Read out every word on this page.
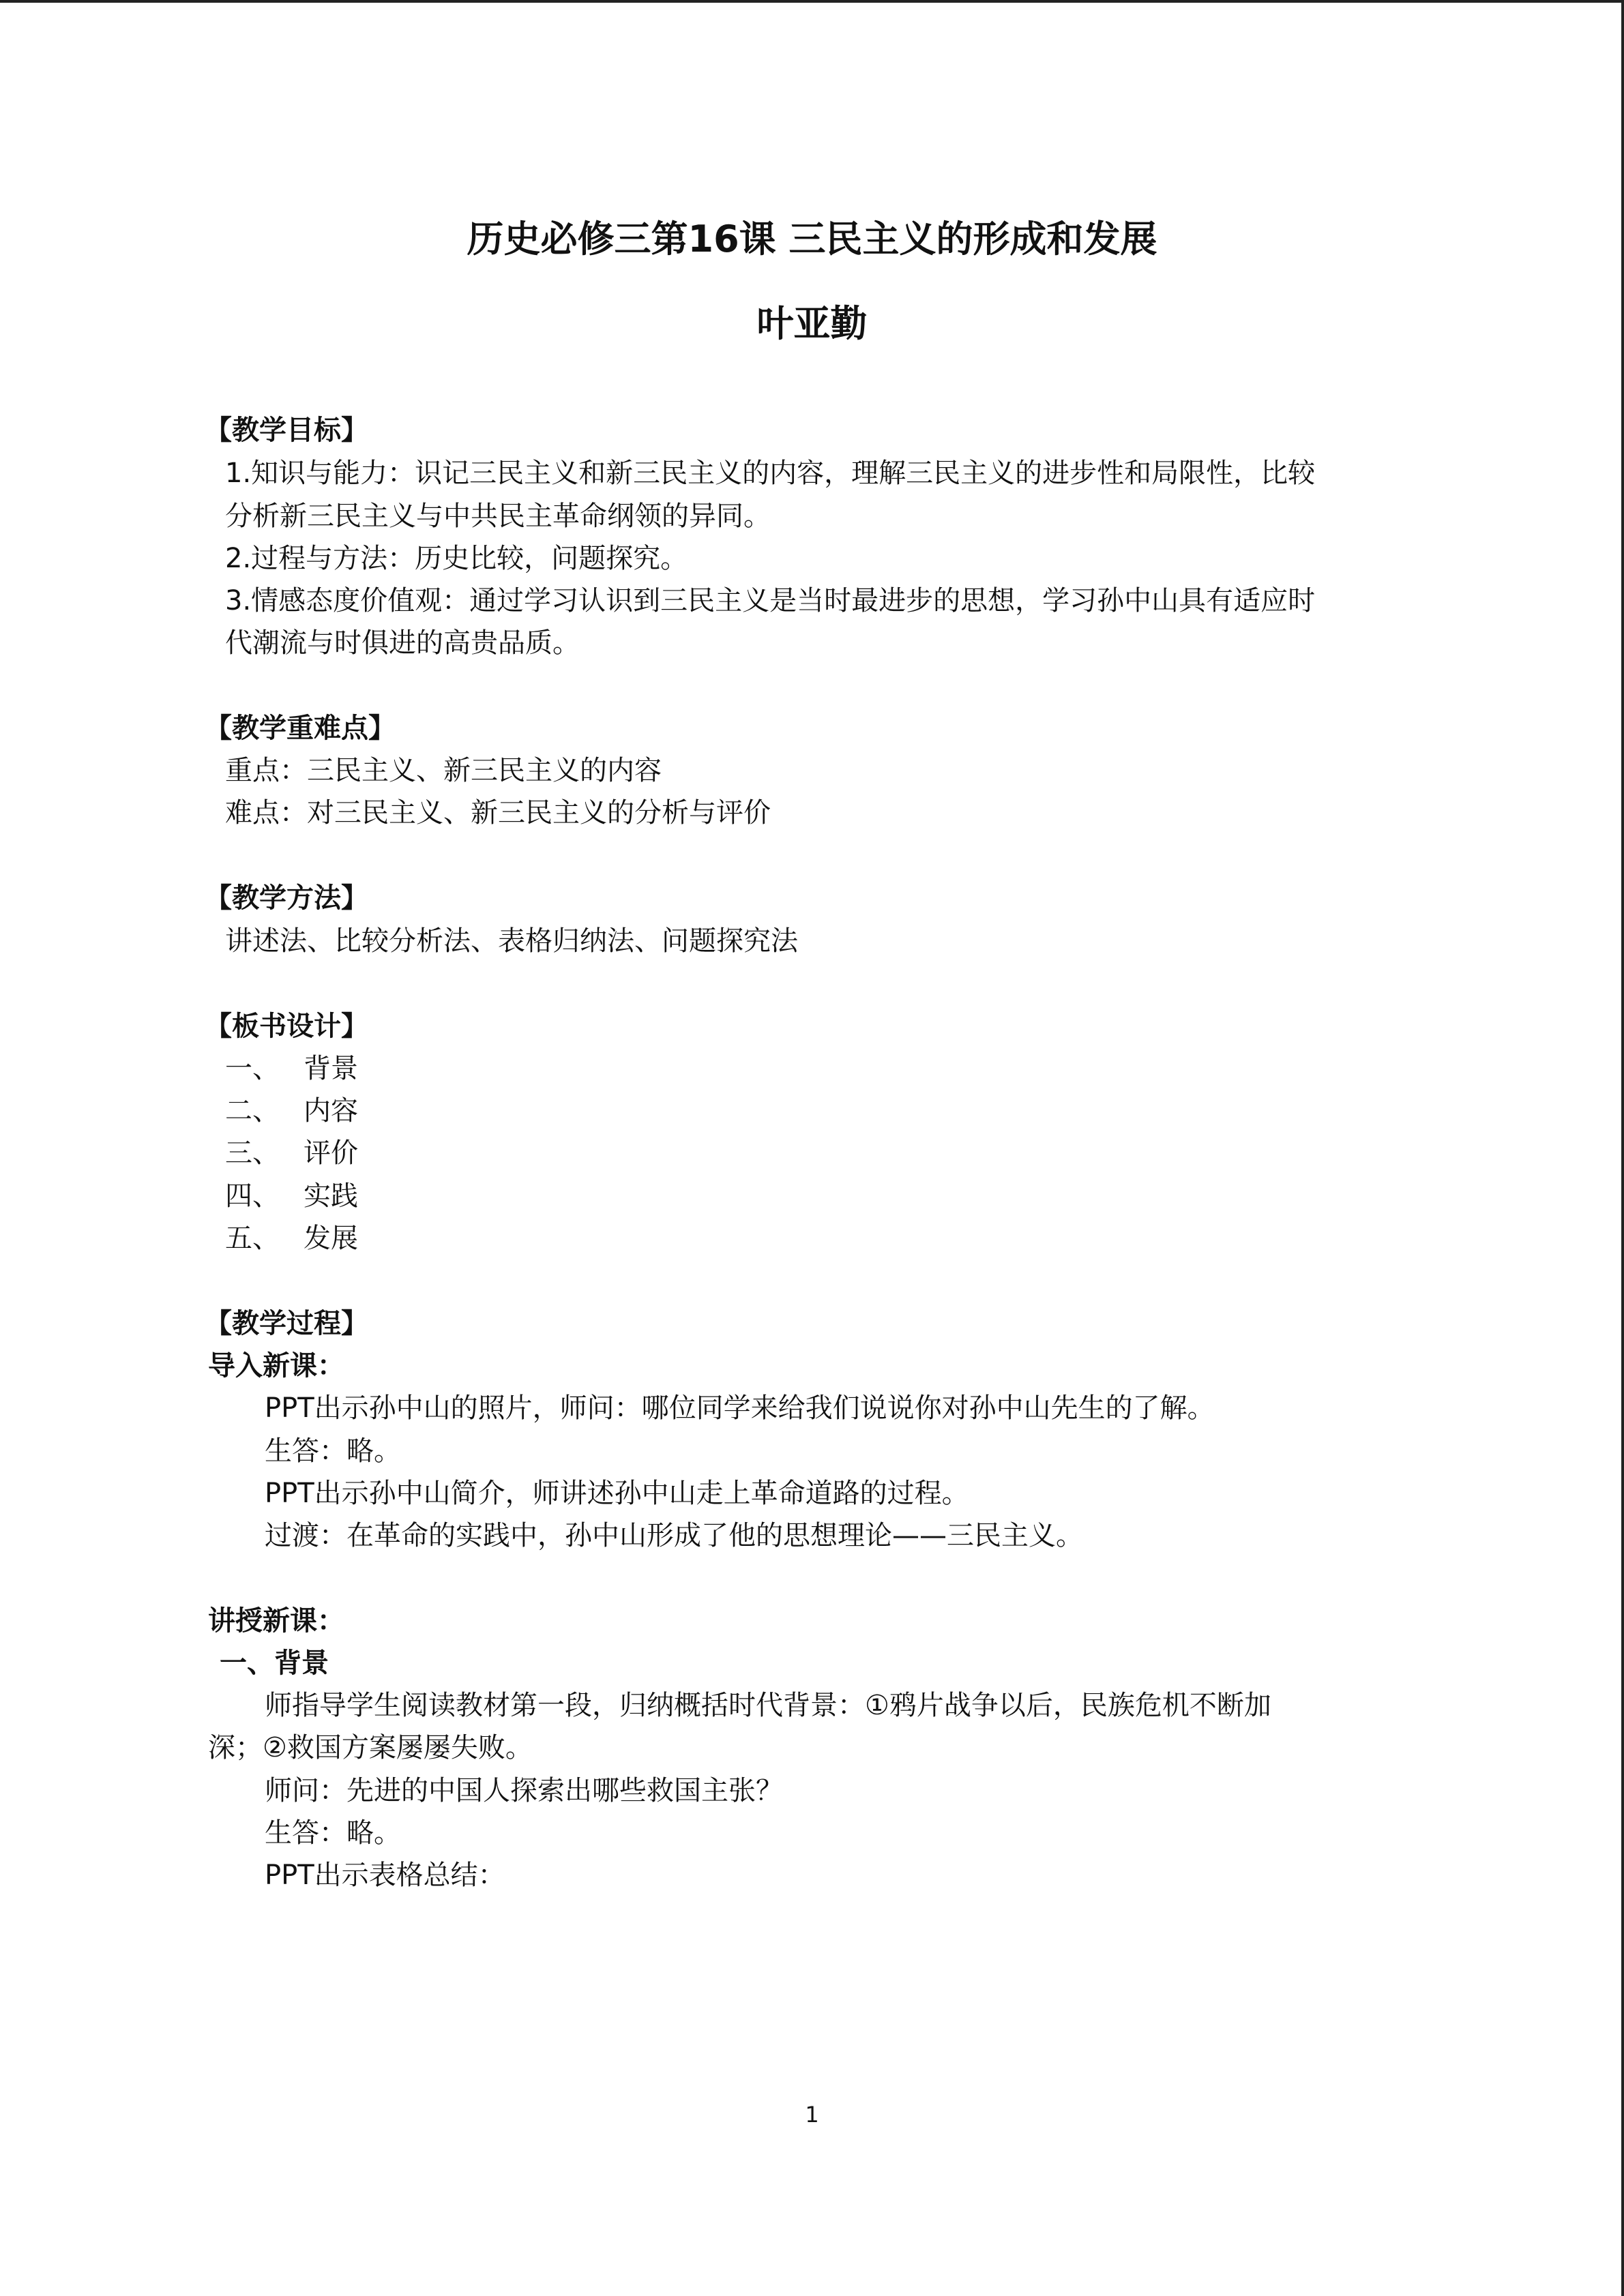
历史必修三第16课 三民主义的形成和发展
叶亚勤
【教学目标】
1.知识与能力：识记三民主义和新三民主义的内容，理解三民主义的进步性和局限性，比较
分析新三民主义与中共民主革命纲领的异同。
2.过程与方法：历史比较，问题探究。
3.情感态度价值观：通过学习认识到三民主义是当时最进步的思想，学习孙中山具有适应时
代潮流与时俱进的高贵品质。
【教学重难点】
重点：三民主义、新三民主义的内容
难点：对三民主义、新三民主义的分析与评价
【教学方法】
讲述法、比较分析法、表格归纳法、问题探究法
【板书设计】
一、 背景
二、 内容
三、 评价
四、 实践
五、 发展
【教学过程】
导入新课：
PPT出示孙中山的照片，师问：哪位同学来给我们说说你对孙中山先生的了解。
生答：略。
PPT出示孙中山简介，师讲述孙中山走上革命道路的过程。
过渡：在革命的实践中，孙中山形成了他的思想理论——三民主义。
讲授新课：
一、背景
师指导学生阅读教材第一段，归纳概括时代背景：①鸦片战争以后，民族危机不断加
深；②救国方案屡屡失败。
师问：先进的中国人探索出哪些救国主张？
生答：略。
PPT出示表格总结：
1
